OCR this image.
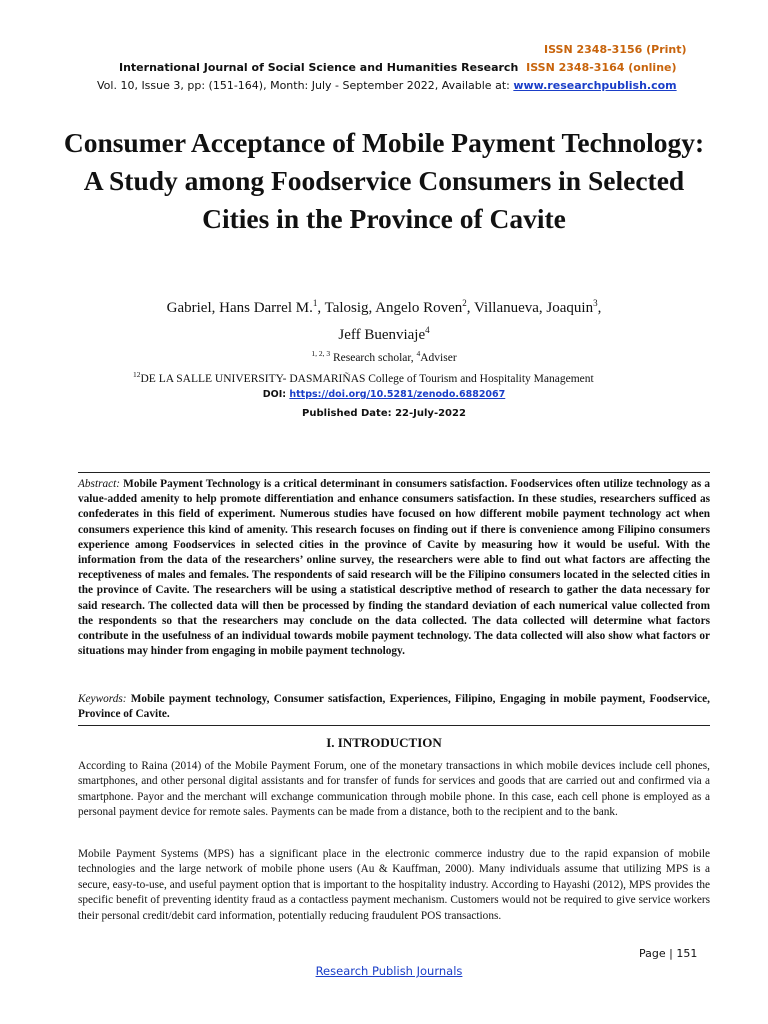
ISSN 2348-3156 (Print)
International Journal of Social Science and Humanities Research ISSN 2348-3164 (online)
Vol. 10, Issue 3, pp: (151-164), Month: July - September 2022, Available at: www.researchpublish.com
Consumer Acceptance of Mobile Payment Technology: A Study among Foodservice Consumers in Selected Cities in the Province of Cavite
Gabriel, Hans Darrel M.$^1$, Talosig, Angelo Roven$^2$, Villanueva, Joaquin$^3$,
Jeff Buenviaje$^4$
$^{1, 2, 3}$ Research scholar, $^4$Adviser
$^{12}$DE LA SALLE UNIVERSITY- DASMARIÑAS College of Tourism and Hospitality Management
DOI: https://doi.org/10.5281/zenodo.6882067
Published Date: 22-July-2022

Abstract: Mobile Payment Technology is a critical determinant in consumers satisfaction. Foodservices often utilize technology as a value-added amenity to help promote differentiation and enhance consumers satisfaction. In these studies, researchers sufficed as confederates in this field of experiment. Numerous studies have focused on how different mobile payment technology act when consumers experience this kind of amenity. This research focuses on finding out if there is convenience among Filipino consumers experience among Foodservices in selected cities in the province of Cavite by measuring how it would be useful. With the information from the data of the researchers’ online survey, the researchers were able to find out what factors are affecting the receptiveness of males and females. The respondents of said research will be the Filipino consumers located in the selected cities in the province of Cavite. The researchers will be using a statistical descriptive method of research to gather the data necessary for said research. The collected data will then be processed by finding the standard deviation of each numerical value collected from the respondents so that the researchers may conclude on the data collected. The data collected will determine what factors contribute in the usefulness of an individual towards mobile payment technology. The data collected will also show what factors or situations may hinder from engaging in mobile payment technology.

Keywords: Mobile payment technology, Consumer satisfaction, Experiences, Filipino, Engaging in mobile payment, Foodservice, Province of Cavite.

I. INTRODUCTION

According to Raina (2014) of the Mobile Payment Forum, one of the monetary transactions in which mobile devices include cell phones, smartphones, and other personal digital assistants and for transfer of funds for services and goods that are carried out and confirmed via a smartphone. Payor and the merchant will exchange communication through mobile phone. In this case, each cell phone is employed as a personal payment device for remote sales. Payments can be made from a distance, both to the recipient and to the bank.

Mobile Payment Systems (MPS) has a significant place in the electronic commerce industry due to the rapid expansion of mobile technologies and the large network of mobile phone users (Au & Kauffman, 2000). Many individuals assume that utilizing MPS is a secure, easy-to-use, and useful payment option that is important to the hospitality industry. According to Hayashi (2012), MPS provides the specific benefit of preventing identity fraud as a contactless payment mechanism. Customers would not be required to give service workers their personal credit/debit card information, potentially reducing fraudulent POS transactions.

Page | 151
Research Publish Journals
